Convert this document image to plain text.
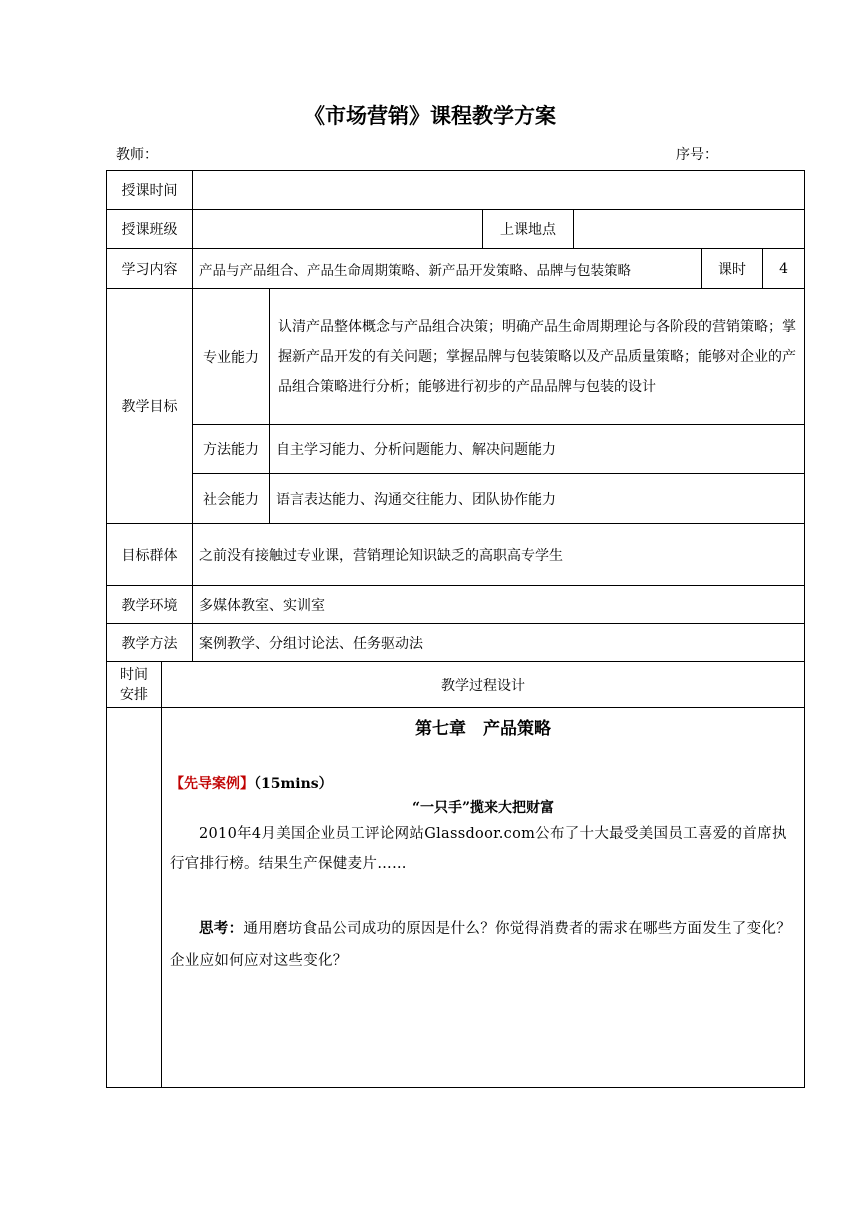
《市场营销》课程教学方案
教师：	序号：
授课时间						
授课班级			上课地点			
学习内容	产品与产品组合、产品生命周期策略、新产品开发策略、品牌与包装策略				课时	4
教学目标	专业能力	认清产品整体概念与产品组合决策；明确产品生命周期理论与各阶段的营销策略；掌握新产品开发的有关问题；掌握品牌与包装策略以及产品质量策略；能够对企业的产品组合策略进行分析；能够进行初步的产品品牌与包装的设计				
	方法能力	自主学习能力、分析问题能力、解决问题能力				
	社会能力	语言表达能力、沟通交往能力、团队协作能力				
目标群体	之前没有接触过专业课，营销理论知识缺乏的高职高专学生					
教学环境	多媒体教室、实训室					
教学方法	案例教学、分组讨论法、任务驱动法					
时间
安排	教学过程设计

	第七章　产品策略
【先导案例】（15mins）
“一只手”揽来大把财富
2010年4月美国企业员工评论网站Glassdoor.com公布了十大最受美国员工喜爱的首席执行官排行榜。结果生产保健麦片……
思考：通用磨坊食品公司成功的原因是什么？你觉得消费者的需求在哪些方面发生了变化？企业应如何应对这些变化？
